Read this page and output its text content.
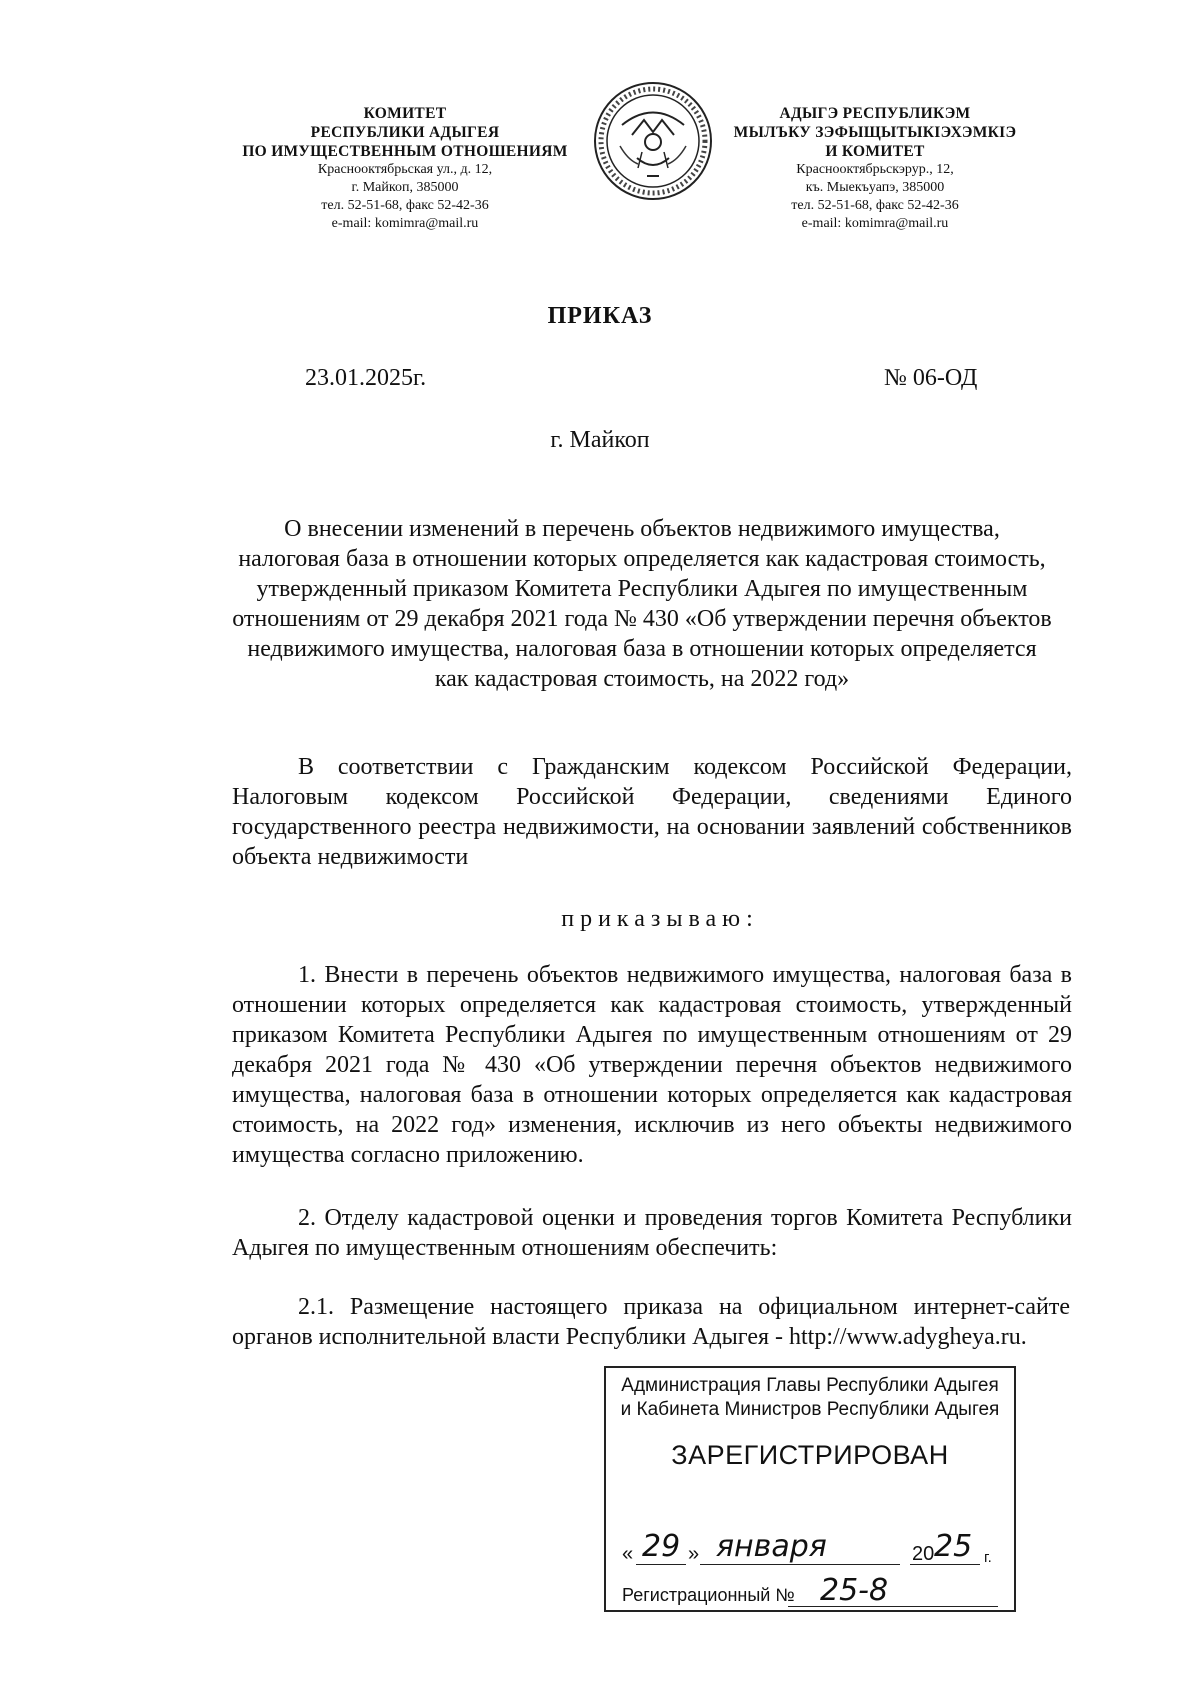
КОМИТЕТ
РЕСПУБЛИКИ АДЫГЕЯ
ПО ИМУЩЕСТВЕННЫМ ОТНОШЕНИЯМ
Краснооктябрьская ул., д. 12,
г. Майкоп, 385000
тел. 52-51-68, факс 52-42-36
e-mail: komimra@mail.ru
АДЫГЭ РЕСПУБЛИКЭМ
МЫЛЪКУ ЗЭФЫЩЫТЫКIЭХЭМКIЭ
И КОМИТЕТ
Краснооктябрьскэрур., 12,
къ. Мыекъуапэ, 385000
тел. 52-51-68, факс 52-42-36
e-mail: komimra@mail.ru
ПРИКАЗ
23.01.2025г.	№ 06-ОД
г. Майкоп
О внесении изменений в перечень объектов недвижимого имущества, налоговая база в отношении которых определяется как кадастровая стоимость, утвержденный приказом Комитета Республики Адыгея по имущественным отношениям от 29 декабря 2021 года № 430 «Об утверждении перечня объектов недвижимого имущества, налоговая база в отношении которых определяется как кадастровая стоимость, на 2022 год»
В соответствии с Гражданским кодексом Российской Федерации, Налоговым кодексом Российской Федерации, сведениями Единого государственного реестра недвижимости, на основании заявлений собственников объекта недвижимости
приказываю:
1. Внести в перечень объектов недвижимого имущества, налоговая база в отношении которых определяется как кадастровая стоимость, утвержденный приказом Комитета Республики Адыгея по имущественным отношениям от 29 декабря 2021 года № 430 «Об утверждении перечня объектов недвижимого имущества, налоговая база в отношении которых определяется как кадастровая стоимость, на 2022 год» изменения, исключив из него объекты недвижимого имущества согласно приложению.
2. Отделу кадастровой оценки и проведения торгов Комитета Республики Адыгея по имущественным отношениям обеспечить:
2.1. Размещение настоящего приказа на официальном интернет-сайте органов исполнительной власти Республики Адыгея - http://www.adygheya.ru.
Администрация Главы Республики Адыгея
и Кабинета Министров Республики Адыгея
ЗАРЕГИСТРИРОВАН
« 29 » января	20 25 г.
Регистрационный № 25-8
